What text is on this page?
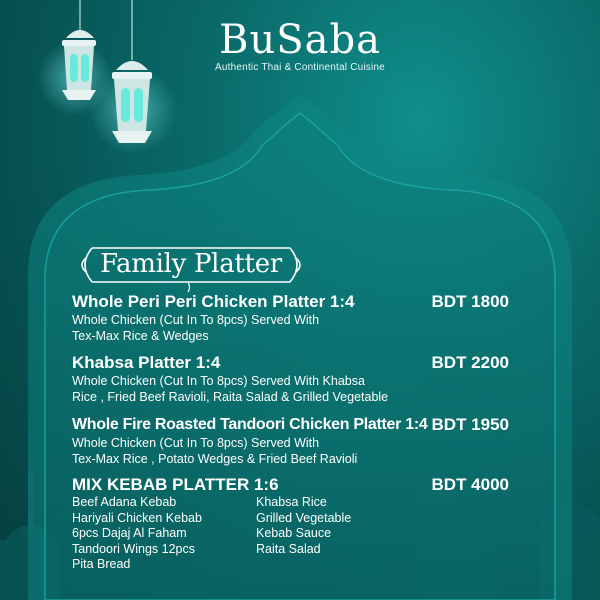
BuSaba
Authentic Thai & Continental Cuisine
Family Platter
Whole Peri Peri Chicken Platter 1:4	BDT 1800
Whole Chicken (Cut In To 8pcs) Served With
Tex-Max Rice & Wedges
Khabsa Platter 1:4	BDT 2200
Whole Chicken (Cut In To 8pcs) Served With Khabsa
Rice , Fried Beef Ravioli, Raita Salad & Grilled Vegetable
Whole Fire Roasted Tandoori Chicken Platter 1:4 BDT 1950
Whole Chicken (Cut In To 8pcs) Served With
Tex-Max Rice , Potato Wedges & Fried Beef Ravioli
MIX KEBAB PLATTER 1:6	BDT 4000
Beef Adana Kebab
Hariyali Chicken Kebab
6pcs Dajaj Al Faham
Tandoori Wings 12pcs
Pita Bread
Khabsa Rice
Grilled Vegetable
Kebab Sauce
Raita Salad
